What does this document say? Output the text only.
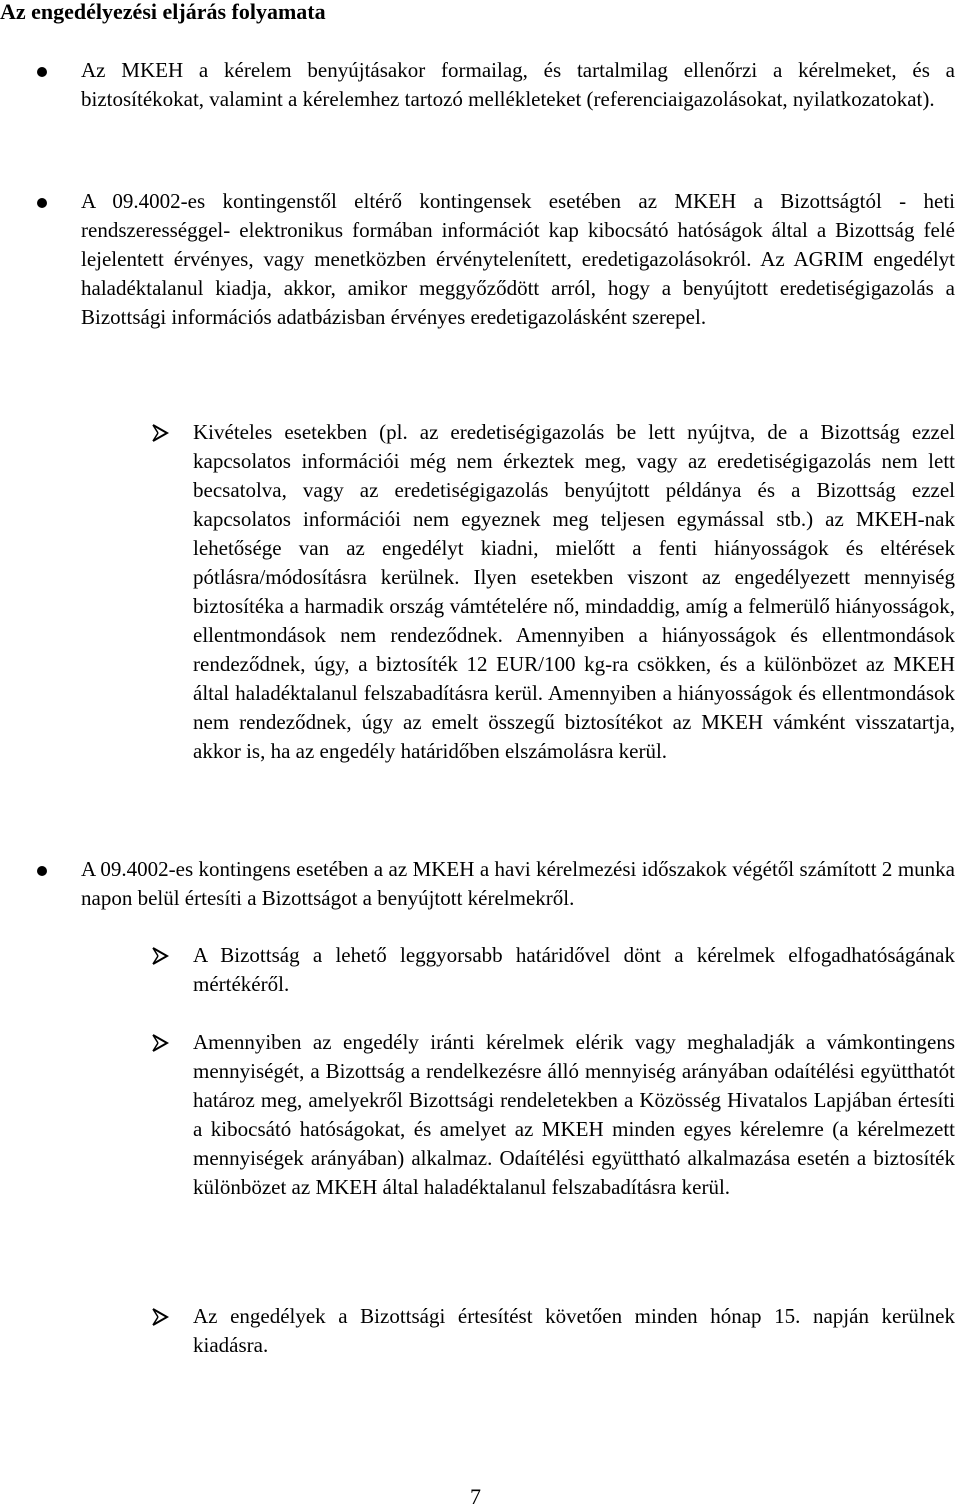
Az engedélyezési eljárás folyamata

Az MKEH a kérelem benyújtásakor formailag, és tartalmilag ellenőrzi a kérelmeket, és a biztosítékokat, valamint a kérelemhez tartozó mellékleteket (referenciaigazolásokat, nyilatkozatokat).

A 09.4002-es kontingenstől eltérő kontingensek esetében az MKEH a Bizottságtól - heti rendszerességgel- elektronikus formában információt kap kibocsátó hatóságok által a Bizottság felé lejelentett érvényes, vagy menetközben érvénytelenített, eredetigazolásokról. Az AGRIM engedélyt haladéktalanul kiadja, akkor, amikor meggyőződött arról, hogy a benyújtott eredetiségigazolás a Bizottsági információs adatbázisban érvényes eredetigazolásként szerepel.

Kivételes esetekben (pl. az eredetiségigazolás be lett nyújtva, de a Bizottság ezzel kapcsolatos információi még nem érkeztek meg, vagy az eredetiségigazolás nem lett becsatolva, vagy az eredetiségigazolás benyújtott példánya és a Bizottság ezzel kapcsolatos információi nem egyeznek meg teljesen egymással stb.) az MKEH-nak lehetősége van az engedélyt kiadni, mielőtt a fenti hiányosságok és eltérések pótlásra/módosításra kerülnek. Ilyen esetekben viszont az engedélyezett mennyiség biztosítéka a harmadik ország vámtételére nő, mindaddig, amíg a felmerülő hiányosságok, ellentmondások nem rendeződnek. Amennyiben a hiányosságok és ellentmondások rendeződnek, úgy, a biztosíték 12 EUR/100 kg-ra csökken, és a különbözet az MKEH által haladéktalanul felszabadításra kerül. Amennyiben a hiányosságok és ellentmondások nem rendeződnek, úgy az emelt összegű biztosítékot az MKEH vámként visszatartja, akkor is, ha az engedély határidőben elszámolásra kerül.

A 09.4002-es kontingens esetében a az MKEH a havi kérelmezési időszakok végétől számított 2 munka napon belül értesíti a Bizottságot a benyújtott kérelmekről.

A Bizottság a lehető leggyorsabb határidővel dönt a kérelmek elfogadhatóságának mértékéről.

Amennyiben az engedély iránti kérelmek elérik vagy meghaladják a vámkontingens mennyiségét, a Bizottság a rendelkezésre álló mennyiség arányában odaítélési együtthatót határoz meg, amelyekről Bizottsági rendeletekben a Közösség Hivatalos Lapjában értesíti a kibocsátó hatóságokat, és amelyet az MKEH minden egyes kérelemre (a kérelmezett mennyiségek arányában) alkalmaz. Odaítélési együttható alkalmazása esetén a biztosíték különbözet az MKEH által haladéktalanul felszabadításra kerül.

Az engedélyek a Bizottsági értesítést követően minden hónap 15. napján kerülnek kiadásra.

7
